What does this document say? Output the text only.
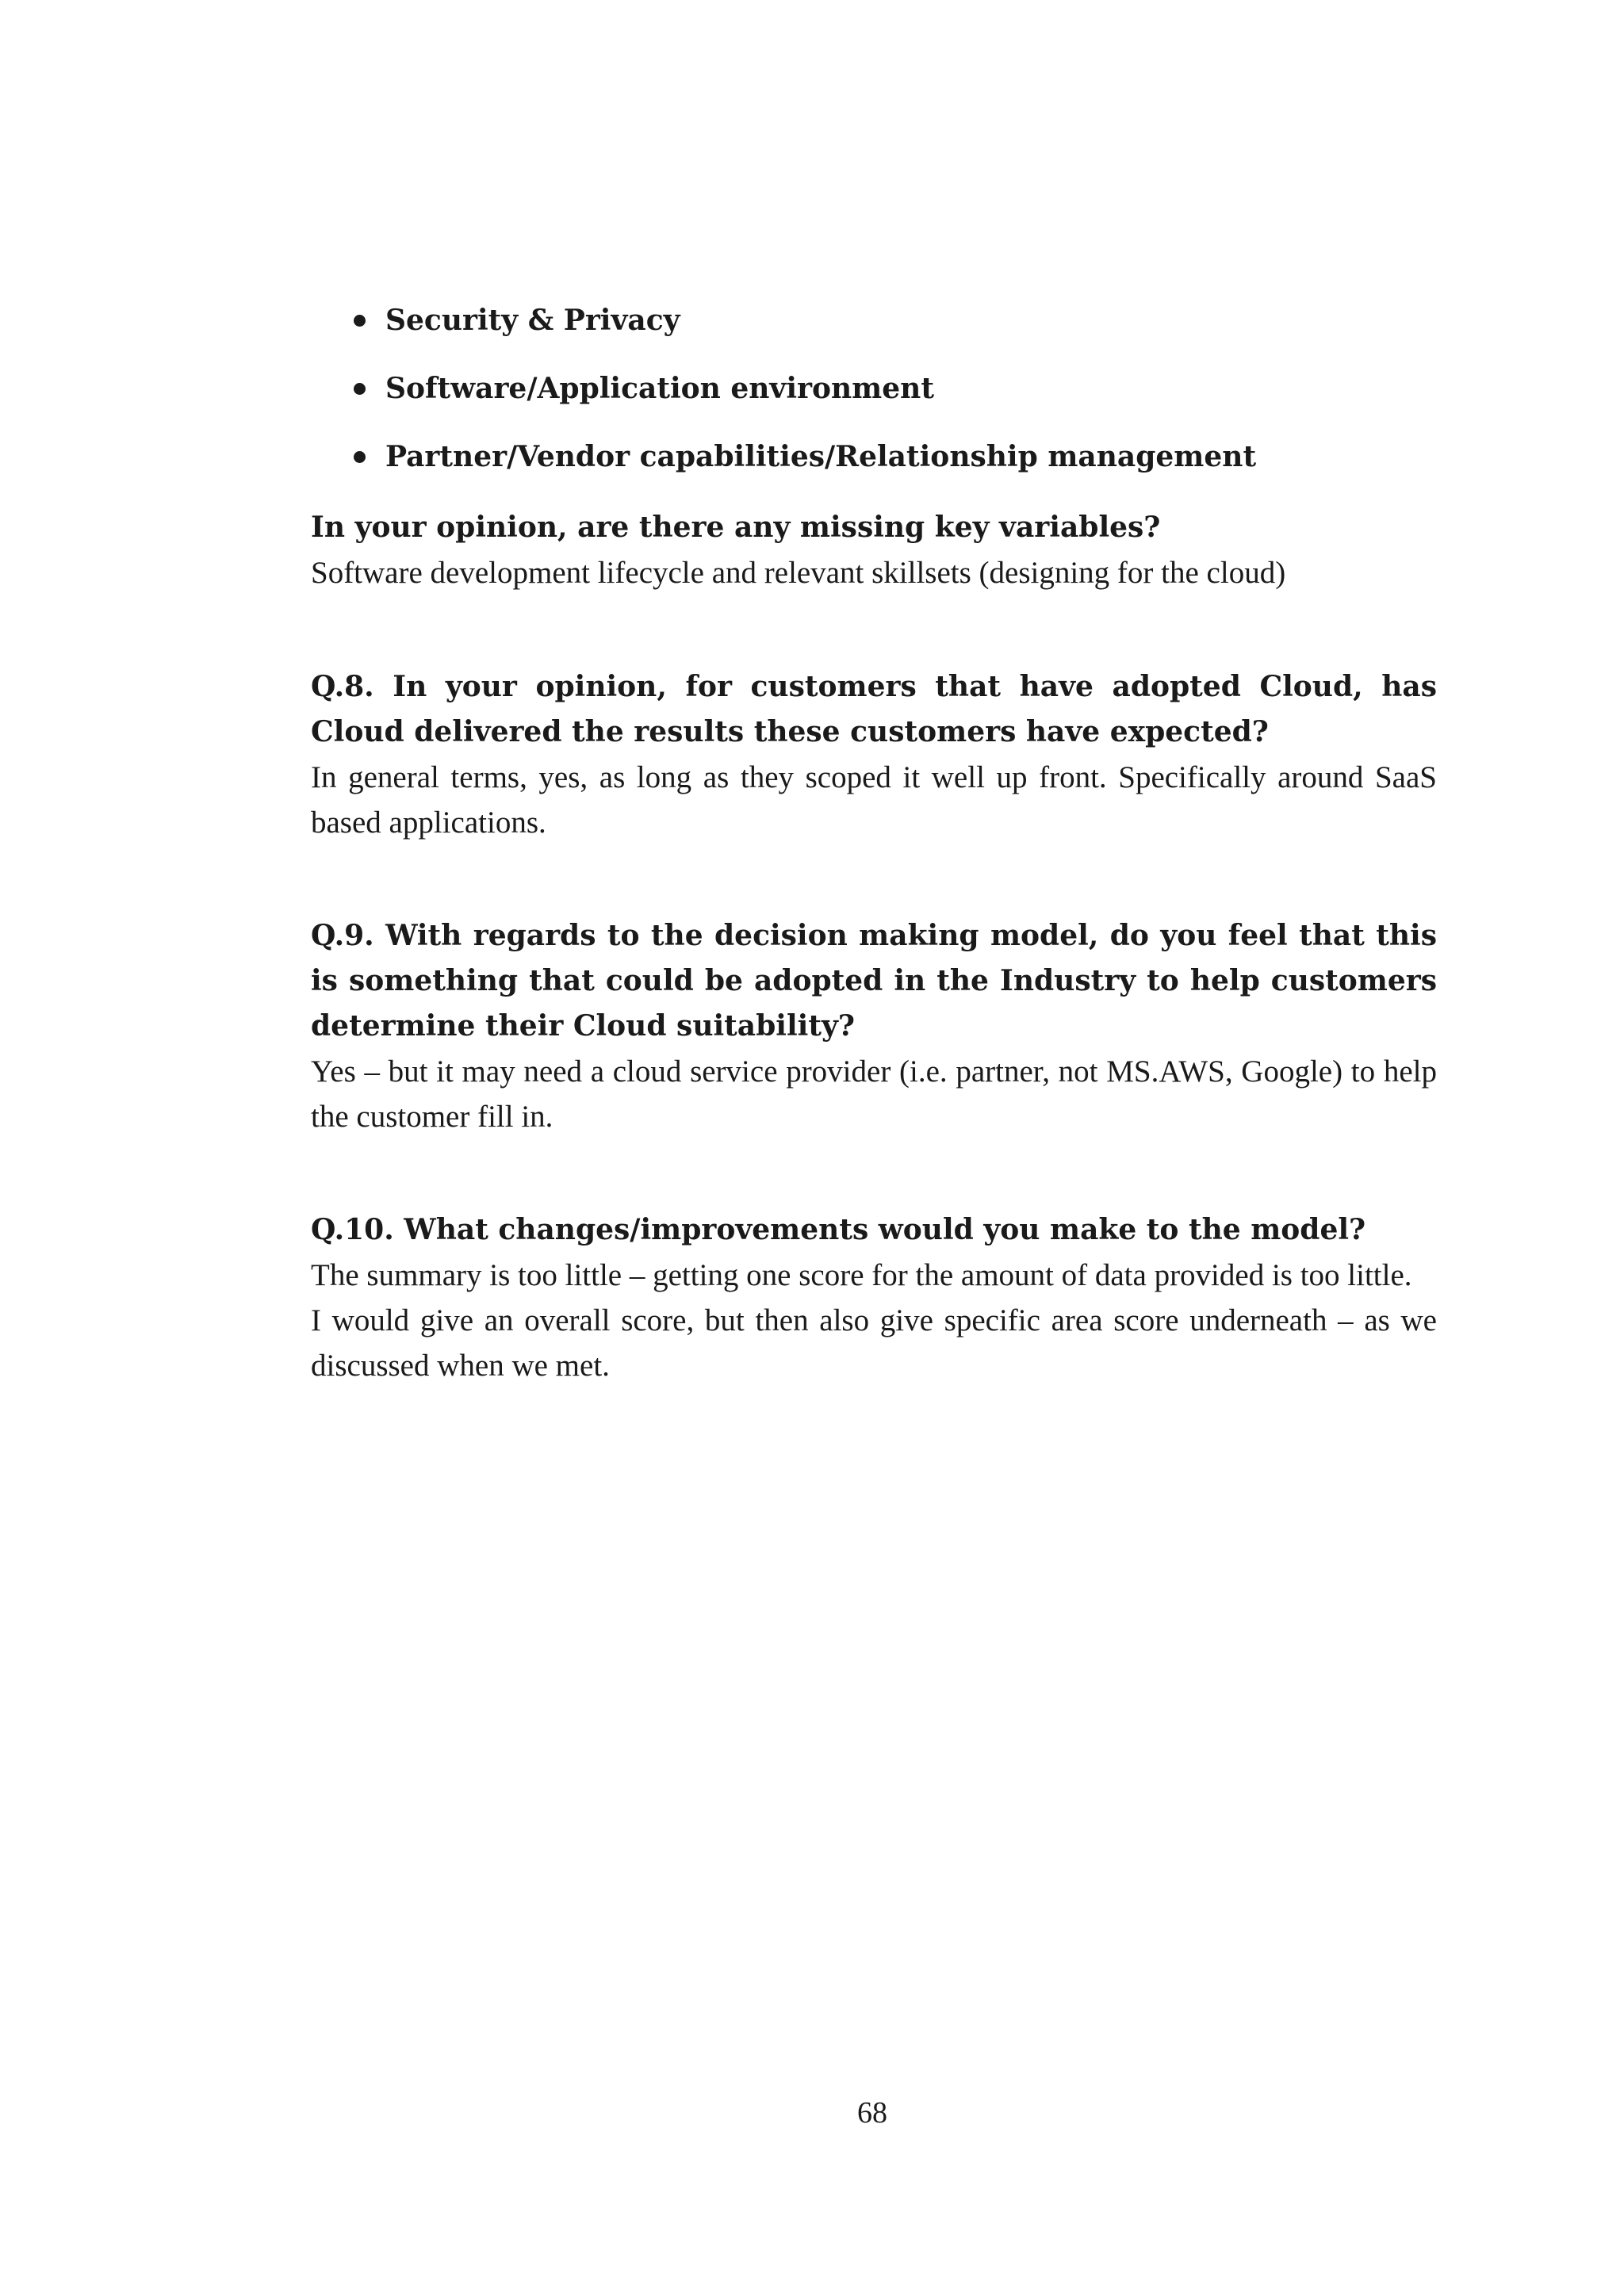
Security & Privacy
Software/Application environment
Partner/Vendor capabilities/Relationship management
In your opinion, are there any missing key variables?
Software development lifecycle and relevant skillsets (designing for the cloud)
Q.8. In your opinion, for customers that have adopted Cloud, has Cloud delivered the results these customers have expected?
In general terms, yes, as long as they scoped it well up front. Specifically around SaaS based applications.
Q.9. With regards to the decision making model, do you feel that this is something that could be adopted in the Industry to help customers determine their Cloud suitability?
Yes – but it may need a cloud service provider (i.e. partner, not MS.AWS, Google) to help the customer fill in.
Q.10. What changes/improvements would you make to the model?
The summary is too little – getting one score for the amount of data provided is too little.
I would give an overall score, but then also give specific area score underneath – as we discussed when we met.
68
